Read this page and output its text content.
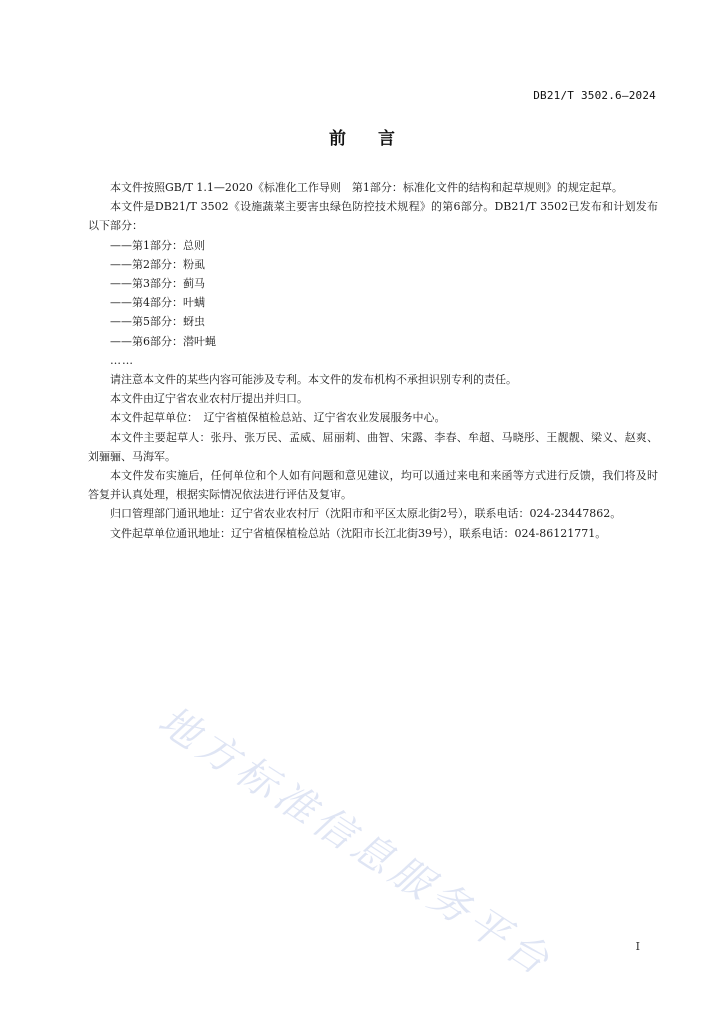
DB21/T 3502.6—2024
前言

本文件按照GB/T 1.1—2020《标准化工作导则　第1部分：标准化文件的结构和起草规则》的规定起草。

本文件是DB21/T 3502《设施蔬菜主要害虫绿色防控技术规程》的第6部分。DB21/T 3502已发布和计划发布以下部分：

——第1部分：总则

——第2部分：粉虱

——第3部分：蓟马

——第4部分：叶螨

——第5部分：蚜虫

——第6部分：潜叶蝇

……

请注意本文件的某些内容可能涉及专利。本文件的发布机构不承担识别专利的责任。

本文件由辽宁省农业农村厅提出并归口。

本文件起草单位：　辽宁省植保植检总站、辽宁省农业发展服务中心。

本文件主要起草人：张丹、张万民、孟威、屈丽莉、曲智、宋露、李春、牟超、马晓彤、王靓靓、梁义、赵爽、刘骊骊、马海军。

本文件发布实施后，任何单位和个人如有问题和意见建议，均可以通过来电和来函等方式进行反馈，我们将及时答复并认真处理，根据实际情况依法进行评估及复审。

归口管理部门通讯地址：辽宁省农业农村厅（沈阳市和平区太原北街2号），联系电话：024-23447862。

文件起草单位通讯地址：辽宁省植保植检总站（沈阳市长江北街39号），联系电话：024-86121771。

地方标准信息服务平台	I
